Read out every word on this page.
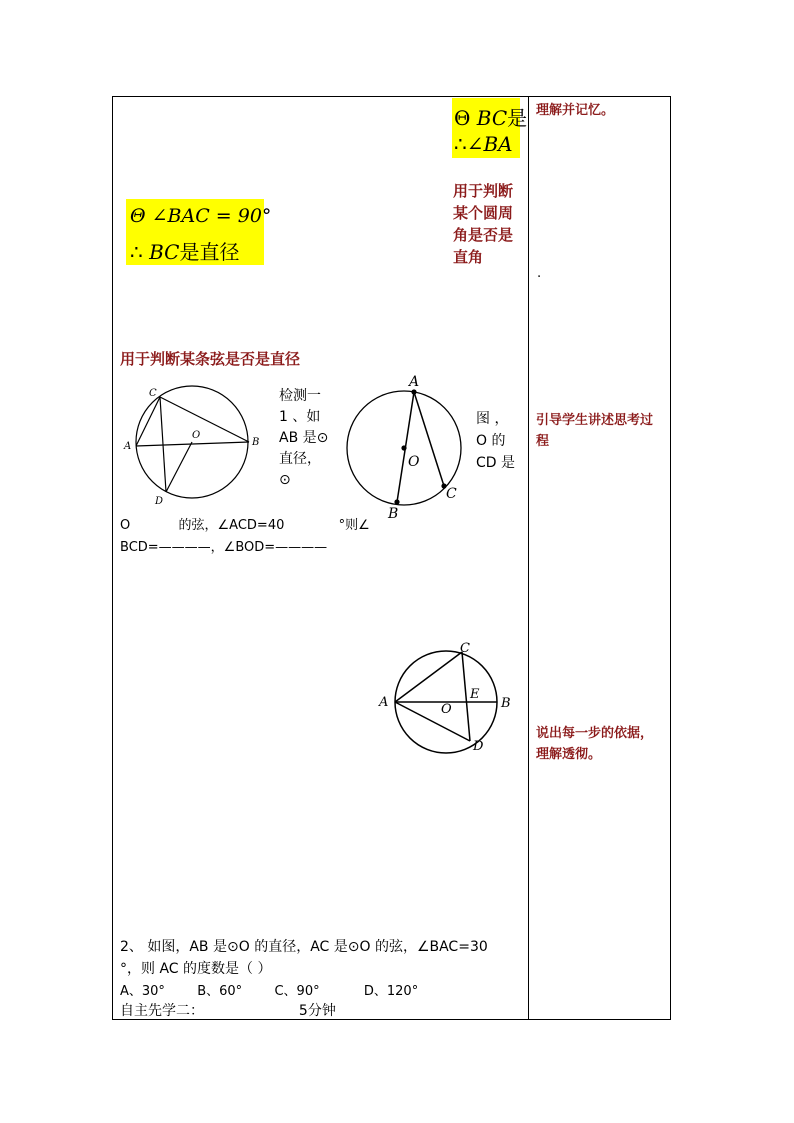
Θ BC是
∴∠BA
Θ ∠BAC = 90°
∴ BC是直径
用于判断
某个圆周
角是否是
直角
用于判断某条弦是否是直径
C
A	B
O
D
检测一
1 、如
AB 是⊙
直径，
⊙
A
O
B
C
图 ，
O 的
CD 是
O	的弦，∠ACD=40	°则∠
BCD=————，∠BOD=————
C
A
E
B
O
D
2、 如图，AB 是⊙O 的直径，AC 是⊙O 的弦，∠BAC=30
°，则 AC 的度数是（ ）
A、30° B、60° C、90°	D、120°
自主先学二：	5分钟
理解并记忆。
.
引导学生讲述思考过
程
说出每一步的依据，
理解透彻。
